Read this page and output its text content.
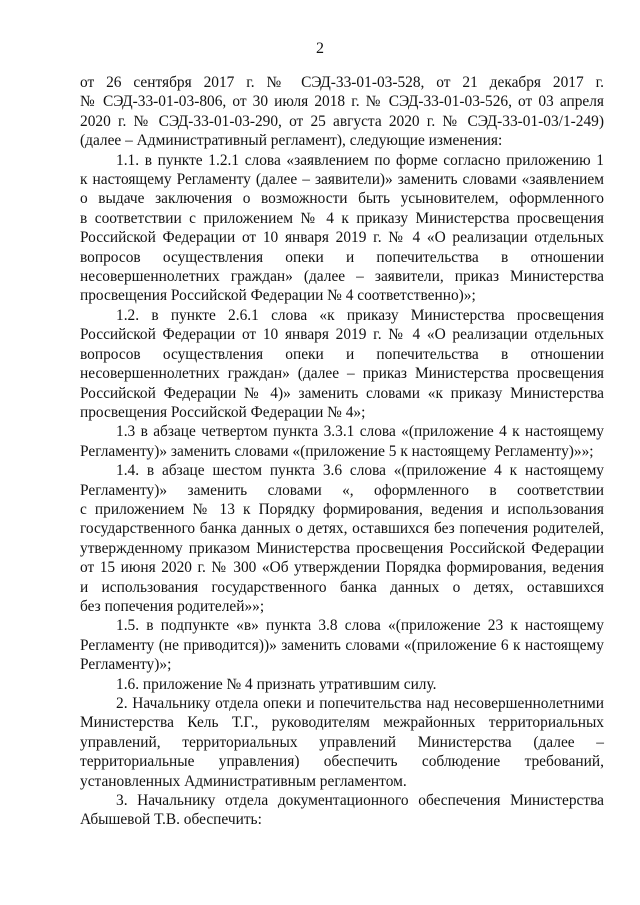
2
от 26 сентября 2017 г. № СЭД-33-01-03-528, от 21 декабря 2017 г.
№ СЭД-33-01-03-806, от 30 июля 2018 г. № СЭД-33-01-03-526, от 03 апреля
2020 г. № СЭД-33-01-03-290, от 25 августа 2020 г. № СЭД-33-01-03/1-249)
(далее – Административный регламент), следующие изменения:
1.1. в пункте 1.2.1 слова «заявлением по форме согласно приложению 1
к настоящему Регламенту (далее – заявители)» заменить словами «заявлением
о выдаче заключения о возможности быть усыновителем, оформленного
в соответствии с приложением № 4 к приказу Министерства просвещения
Российской Федерации от 10 января 2019 г. № 4 «О реализации отдельных
вопросов осуществления опеки и попечительства в отношении
несовершеннолетних граждан» (далее – заявители, приказ Министерства
просвещения Российской Федерации № 4 соответственно)»;
1.2. в пункте 2.6.1 слова «к приказу Министерства просвещения
Российской Федерации от 10 января 2019 г. № 4 «О реализации отдельных
вопросов осуществления опеки и попечительства в отношении
несовершеннолетних граждан» (далее – приказ Министерства просвещения
Российской Федерации № 4)» заменить словами «к приказу Министерства
просвещения Российской Федерации № 4»;
1.3 в абзаце четвертом пункта 3.3.1 слова «(приложение 4 к настоящему
Регламенту)» заменить словами «(приложение 5 к настоящему Регламенту)»»;
1.4. в абзаце шестом пункта 3.6 слова «(приложение 4 к настоящему
Регламенту)» заменить словами «, оформленного в соответствии
с приложением № 13 к Порядку формирования, ведения и использования
государственного банка данных о детях, оставшихся без попечения родителей,
утвержденному приказом Министерства просвещения Российской Федерации
от 15 июня 2020 г. № 300 «Об утверждении Порядка формирования, ведения
и использования государственного банка данных о детях, оставшихся
без попечения родителей»»;
1.5. в подпункте «в» пункта 3.8 слова «(приложение 23 к настоящему
Регламенту (не приводится))» заменить словами «(приложение 6 к настоящему
Регламенту)»;
1.6. приложение № 4 признать утратившим силу.
2. Начальнику отдела опеки и попечительства над несовершеннолетними
Министерства Кель Т.Г., руководителям межрайонных территориальных
управлений, территориальных управлений Министерства (далее –
территориальные управления) обеспечить соблюдение требований,
установленных Административным регламентом.
3. Начальнику отдела документационного обеспечения Министерства
Абышевой Т.В. обеспечить:
